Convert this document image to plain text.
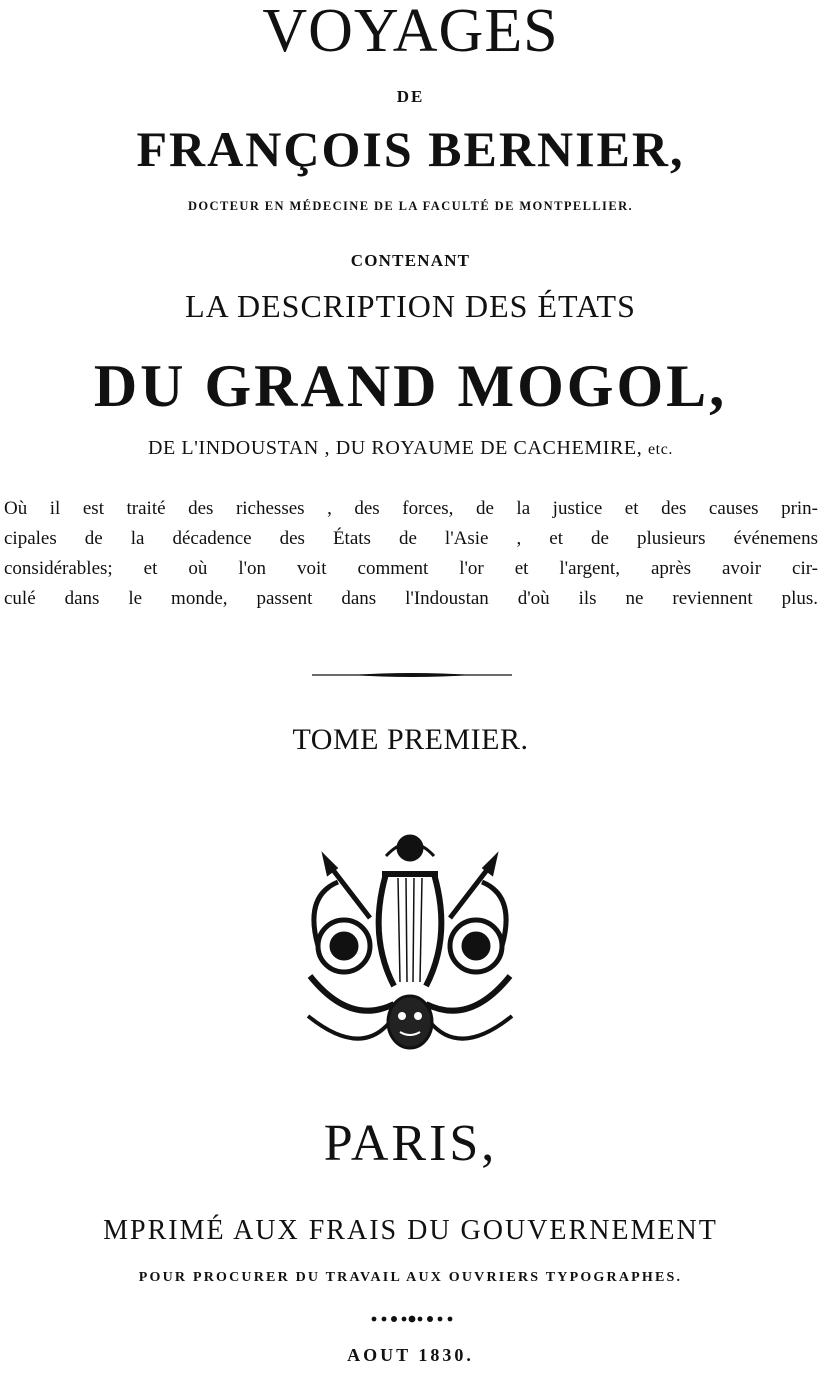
VOYAGES
DE
FRANÇOIS BERNIER,
DOCTEUR EN MÉDECINE DE LA FACULTÉ DE MONTPELLIER.
CONTENANT
LA DESCRIPTION DES ÉTATS
DU GRAND MOGOL,
DE L'INDOUSTAN , DU ROYAUME DE CACHEMIRE, etc.
Où il est traité des richesses , des forces, de la justice et des causes prin-
cipales de la décadence des États de l'Asie , et de plusieurs événemens
considérables; et où l'on voit comment l'or et l'argent, après avoir cir-
culé dans le monde, passent dans l'Indoustan d'où ils ne reviennent plus.
TOME PREMIER.
PARIS,
MPRIMÉ AUX FRAIS DU GOUVERNEMENT
POUR PROCURER DU TRAVAIL AUX OUVRIERS TYPOGRAPHES.
AOUT 1830.
